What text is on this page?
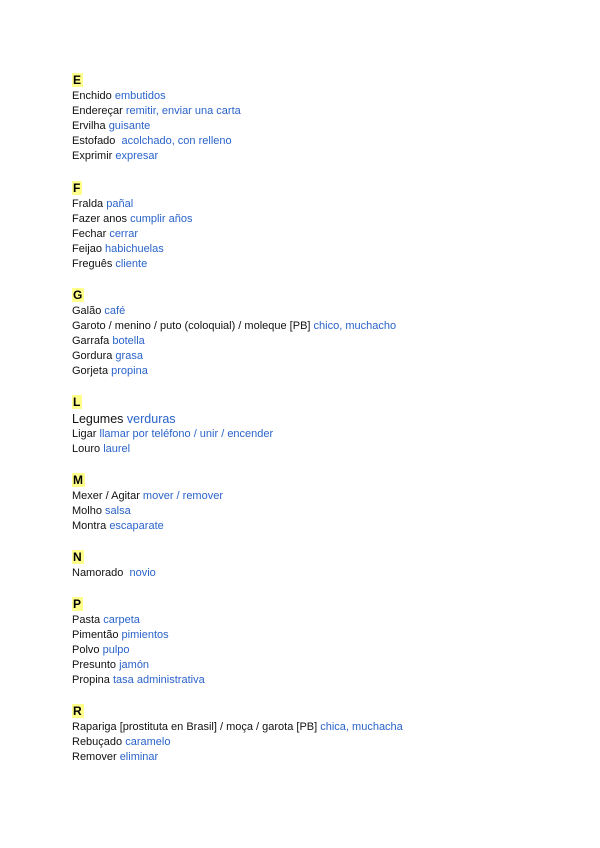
E
Enchido embutidos
Endereçar remitir, enviar una carta
Ervilha guisante
Estofado acolchado, con relleno
Exprimir expresar
F
Fralda pañal
Fazer anos cumplir años
Fechar cerrar
Feijao habichuelas
Freguês cliente
G
Galão café
Garoto / menino / puto (coloquial) / moleque [PB] chico, muchacho
Garrafa botella
Gordura grasa
Gorjeta propina
L
Legumes verduras
Ligar llamar por teléfono / unir / encender
Louro laurel
M
Mexer / Agitar mover / remover
Molho salsa
Montra escaparate
N
Namorado novio
P
Pasta carpeta
Pimentão pimientos
Polvo pulpo
Presunto jamón
Propina tasa administrativa
R
Rapariga [prostituta en Brasil] / moça / garota [PB] chica, muchacha
Rebuçado caramelo
Remover eliminar
